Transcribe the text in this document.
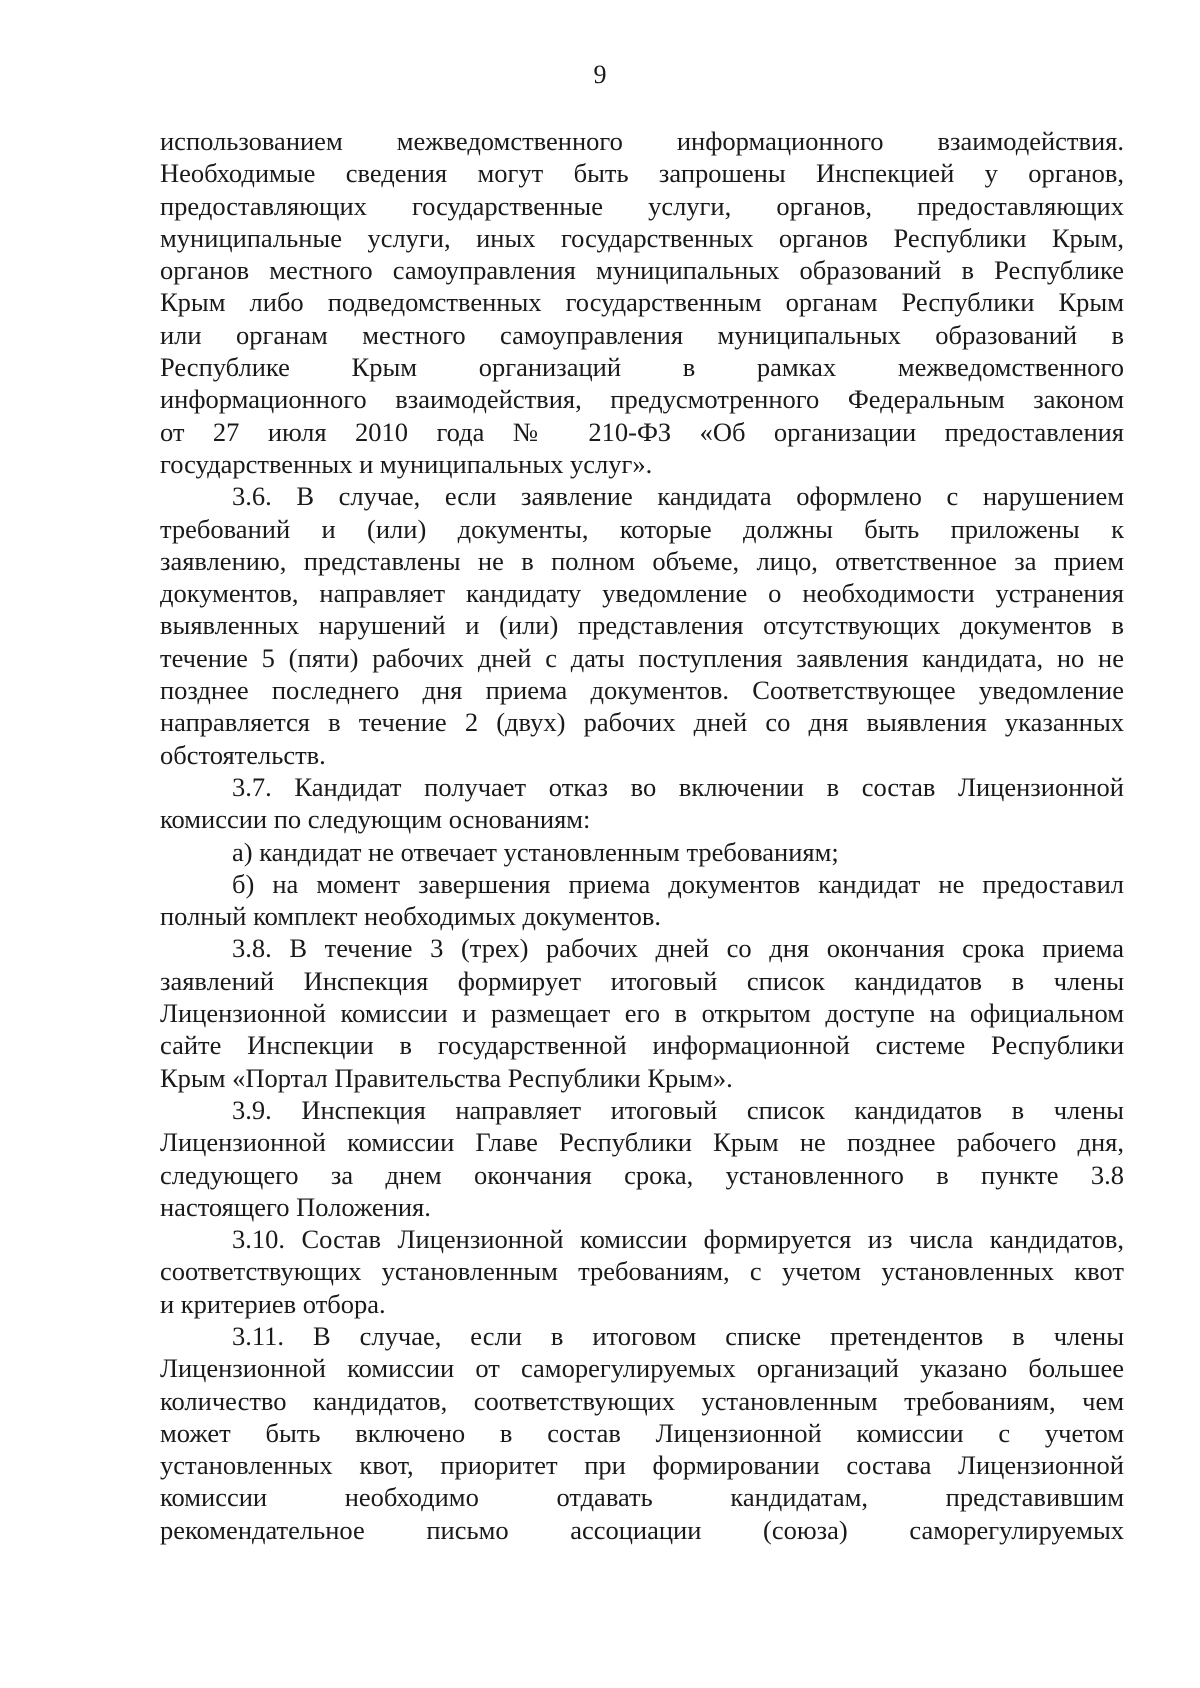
9
использованием межведомственного информационного взаимодействия.
Необходимые сведения могут быть запрошены Инспекцией у органов,
предоставляющих государственные услуги, органов, предоставляющих
муниципальные услуги, иных государственных органов Республики Крым,
органов местного самоуправления муниципальных образований в Республике
Крым либо подведомственных государственным органам Республики Крым
или органам местного самоуправления муниципальных образований в
Республике Крым организаций в рамках межведомственного
информационного взаимодействия, предусмотренного Федеральным законом
от 27 июля 2010 года № 210-ФЗ «Об организации предоставления
государственных и муниципальных услуг».
3.6. В случае, если заявление кандидата оформлено с нарушением
требований и (или) документы, которые должны быть приложены к
заявлению, представлены не в полном объеме, лицо, ответственное за прием
документов, направляет кандидату уведомление о необходимости устранения
выявленных нарушений и (или) представления отсутствующих документов в
течение 5 (пяти) рабочих дней с даты поступления заявления кандидата, но не
позднее последнего дня приема документов. Соответствующее уведомление
направляется в течение 2 (двух) рабочих дней со дня выявления указанных
обстоятельств.
3.7. Кандидат получает отказ во включении в состав Лицензионной
комиссии по следующим основаниям:
а) кандидат не отвечает установленным требованиям;
б) на момент завершения приема документов кандидат не предоставил
полный комплект необходимых документов.
3.8. В течение 3 (трех) рабочих дней со дня окончания срока приема
заявлений Инспекция формирует итоговый список кандидатов в члены
Лицензионной комиссии и размещает его в открытом доступе на официальном
сайте Инспекции в государственной информационной системе Республики
Крым «Портал Правительства Республики Крым».
3.9. Инспекция направляет итоговый список кандидатов в члены
Лицензионной комиссии Главе Республики Крым не позднее рабочего дня,
следующего за днем окончания срока, установленного в пункте 3.8
настоящего Положения.
3.10. Состав Лицензионной комиссии формируется из числа кандидатов,
соответствующих установленным требованиям, с учетом установленных квот
и критериев отбора.
3.11. В случае, если в итоговом списке претендентов в члены
Лицензионной комиссии от саморегулируемых организаций указано большее
количество кандидатов, соответствующих установленным требованиям, чем
может быть включено в состав Лицензионной комиссии с учетом
установленных квот, приоритет при формировании состава Лицензионной
комиссии необходимо отдавать кандидатам, представившим
рекомендательное письмо ассоциации (союза) саморегулируемых
